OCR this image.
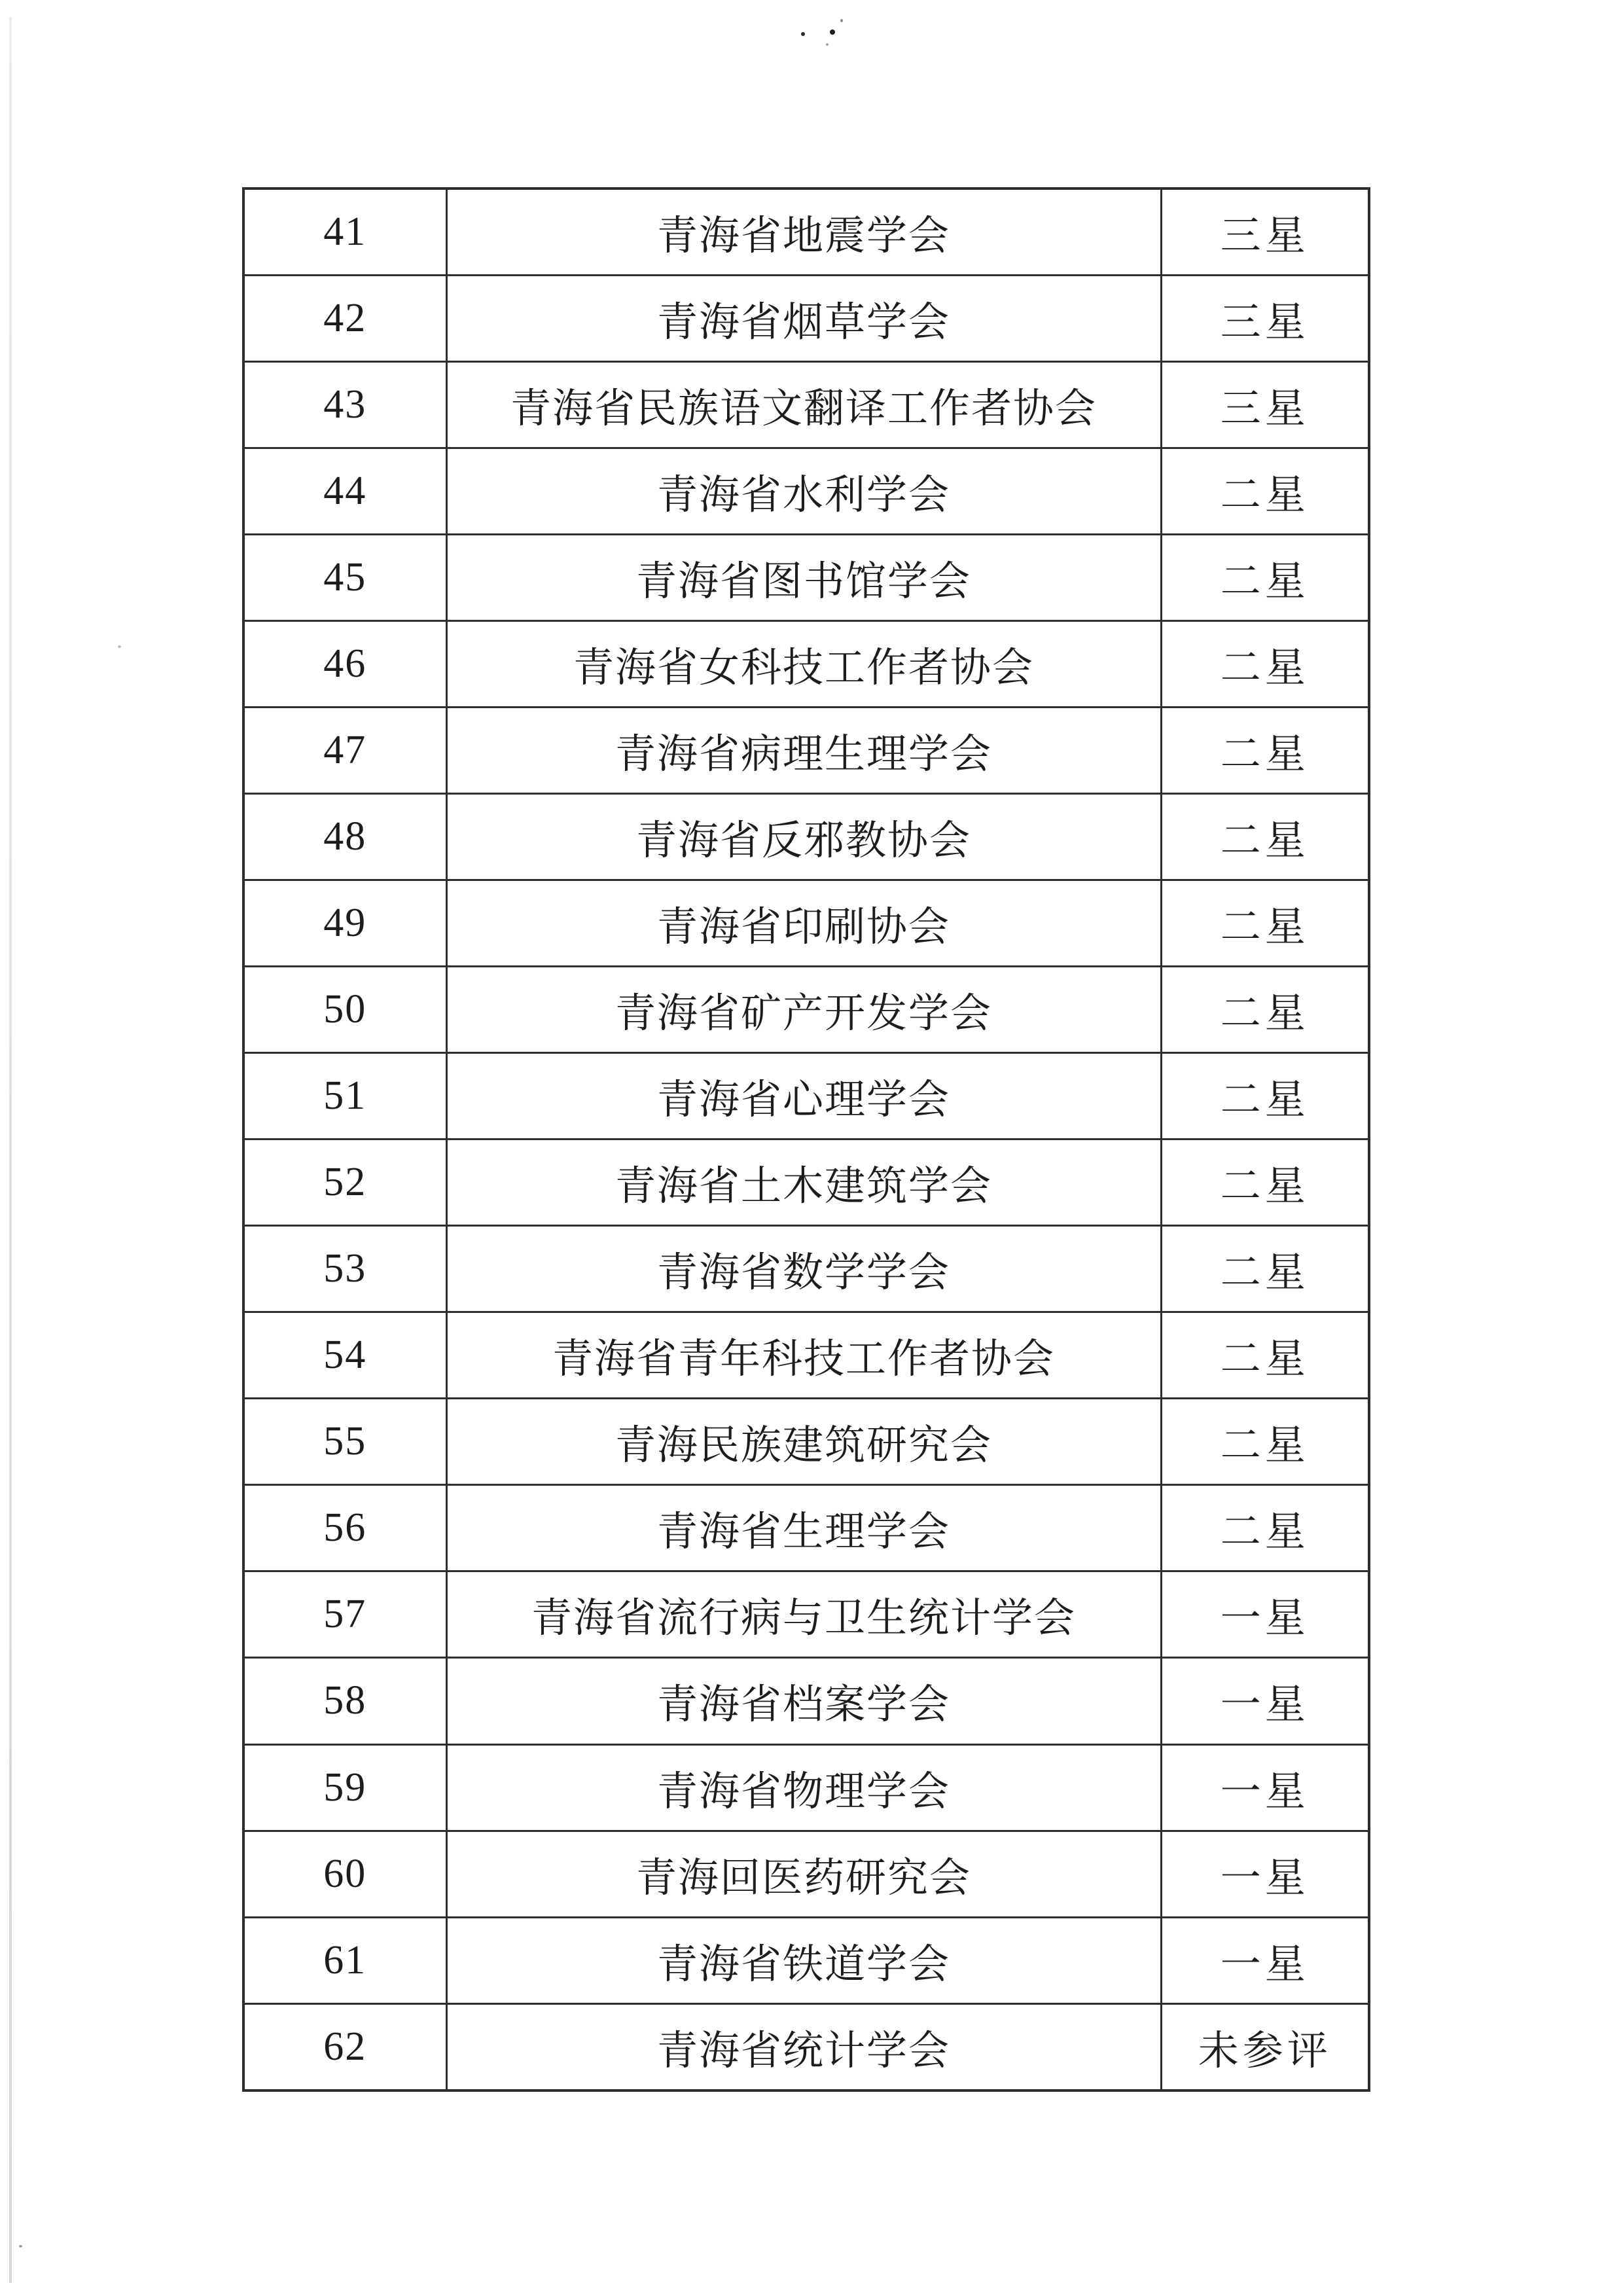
41	青海省地震学会	三星
42	青海省烟草学会	三星
43	青海省民族语文翻译工作者协会	三星
44	青海省水利学会	二星
45	青海省图书馆学会	二星
46	青海省女科技工作者协会	二星
47	青海省病理生理学会	二星
48	青海省反邪教协会	二星
49	青海省印刷协会	二星
50	青海省矿产开发学会	二星
51	青海省心理学会	二星
52	青海省土木建筑学会	二星
53	青海省数学学会	二星
54	青海省青年科技工作者协会	二星
55	青海民族建筑研究会	二星
56	青海省生理学会	二星
57	青海省流行病与卫生统计学会	一星
58	青海省档案学会	一星
59	青海省物理学会	一星
60	青海回医药研究会	一星
61	青海省铁道学会	一星
62	青海省统计学会	未参评
